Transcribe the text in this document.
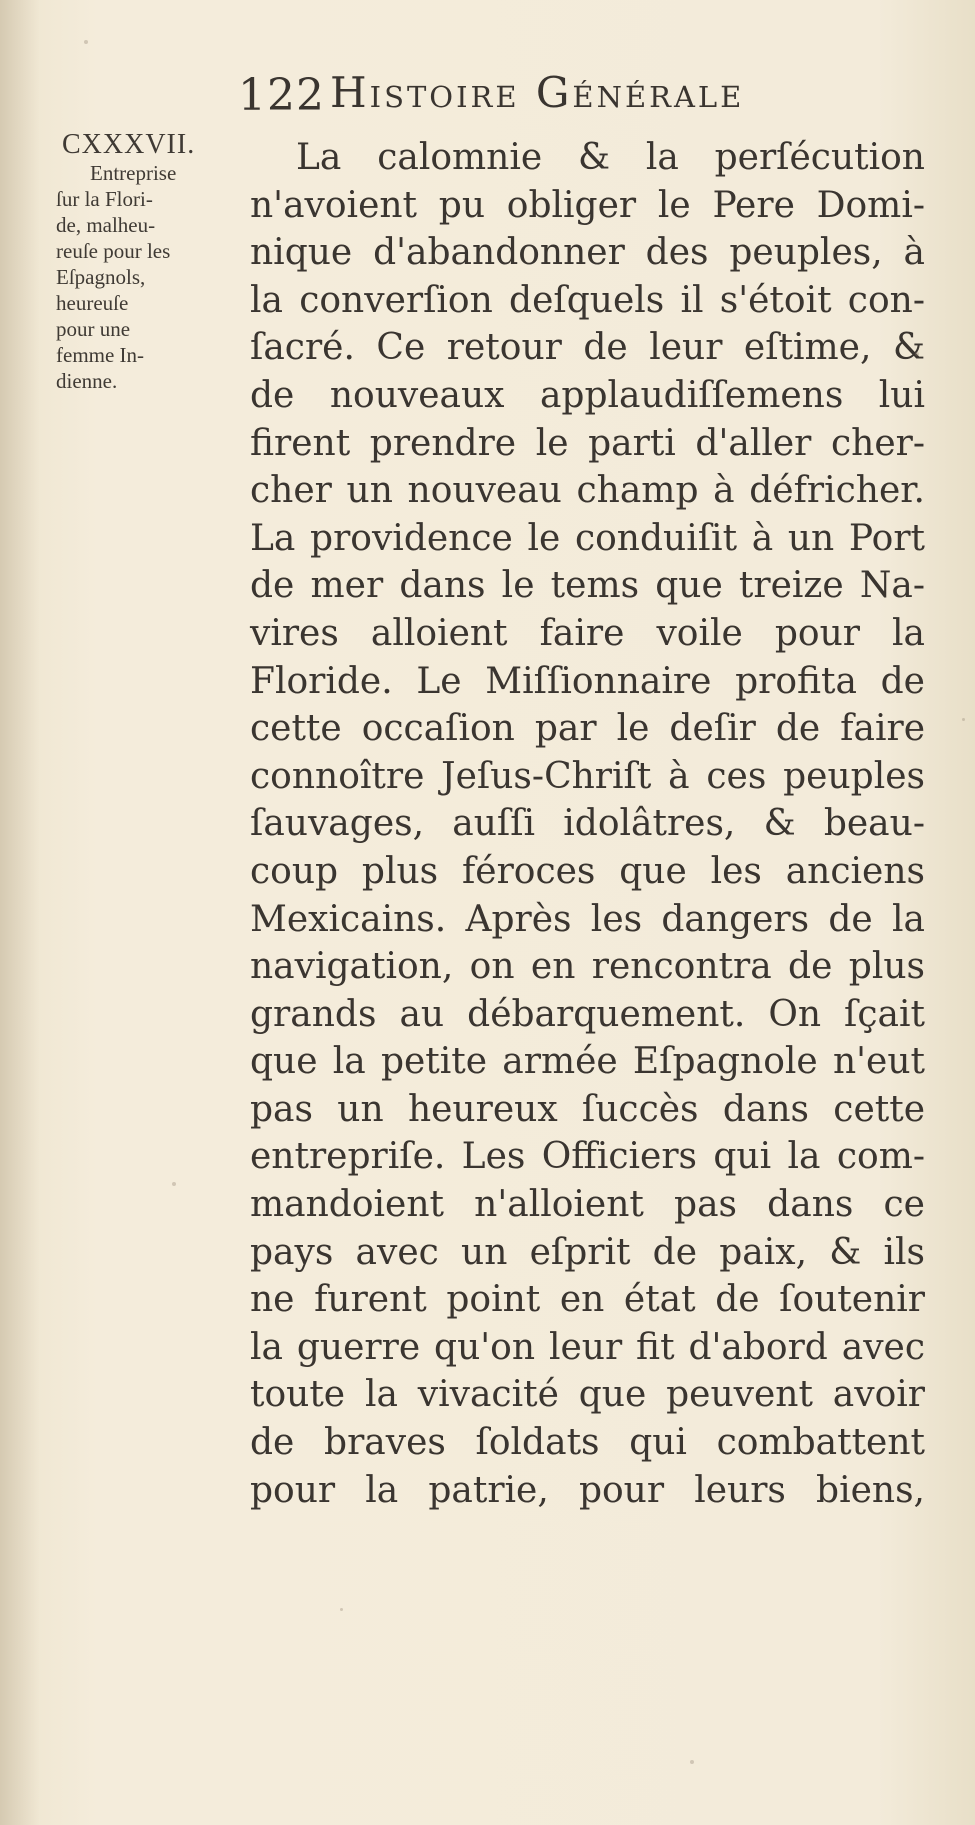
122 Histoire Générale
CXXXVII.
Entreprise
ſur la Flori-
de, malheu-
reuſe pour les
Eſpagnols,
heureuſe
pour une
femme In-
dienne.
La calomnie & la perſécution
n'avoient pu obliger le Pere Domi-
nique d'abandonner des peuples, à
la converſion deſquels il s'étoit con-
ſacré. Ce retour de leur eſtime, &
de nouveaux applaudiſſemens lui
firent prendre le parti d'aller cher-
cher un nouveau champ à défricher.
La providence le conduiſit à un Port
de mer dans le tems que treize Na-
vires alloient faire voile pour la
Floride. Le Miſſionnaire profita de
cette occaſion par le deſir de faire
connoître Jeſus-Chriſt à ces peuples
ſauvages, auſſi idolâtres, & beau-
coup plus féroces que les anciens
Mexicains. Après les dangers de la
navigation, on en rencontra de plus
grands au débarquement. On ſçait
que la petite armée Eſpagnole n'eut
pas un heureux ſuccès dans cette
entrepriſe. Les Officiers qui la com-
mandoient n'alloient pas dans ce
pays avec un eſprit de paix, & ils
ne furent point en état de ſoutenir
la guerre qu'on leur fit d'abord avec
toute la vivacité que peuvent avoir
de braves ſoldats qui combattent
pour la patrie, pour leurs biens,
